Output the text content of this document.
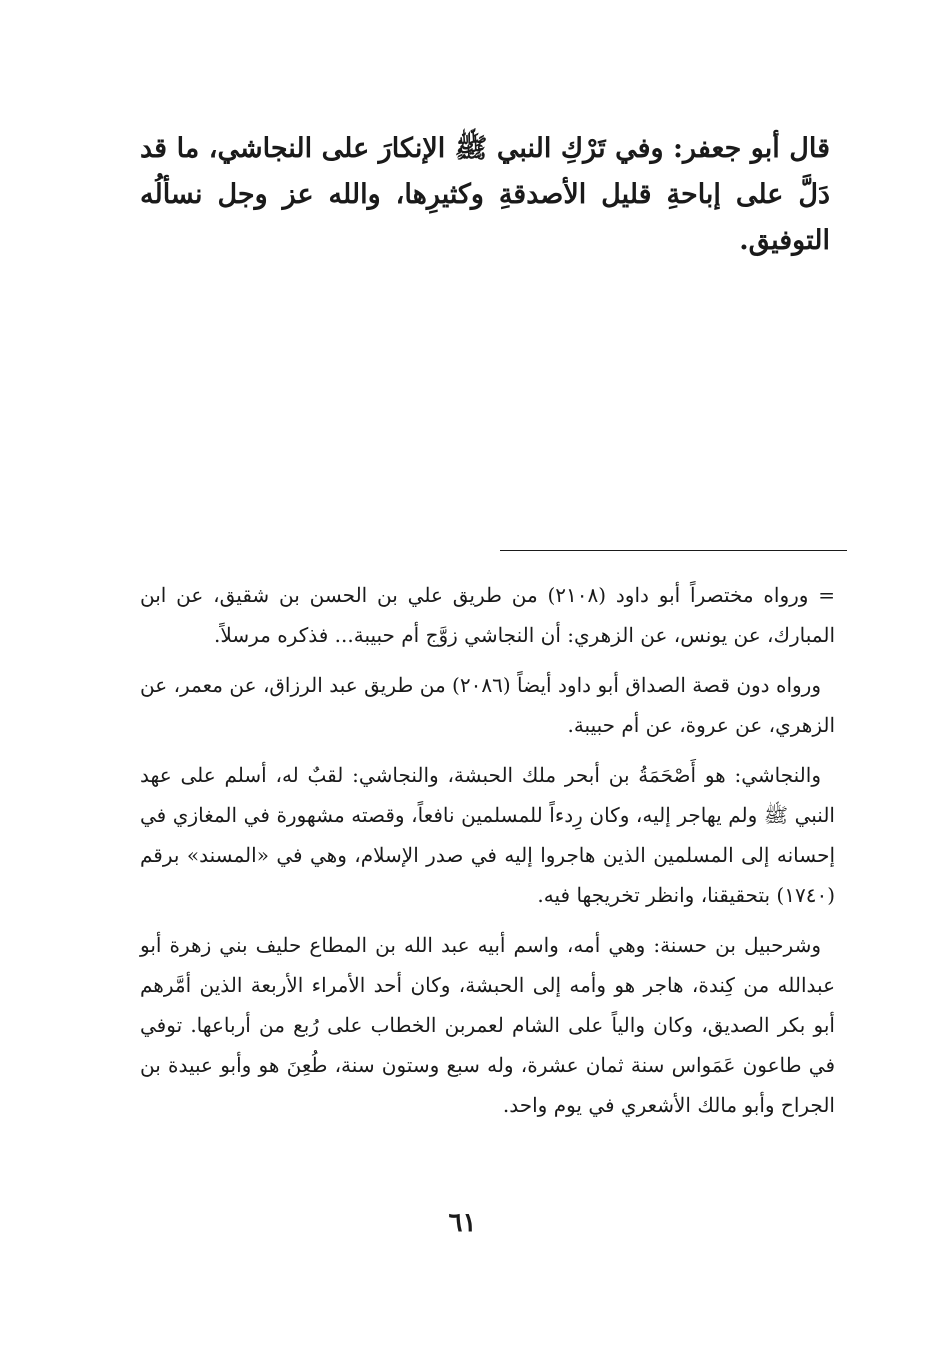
قال أبو جعفر: وفي تَرْكِ النبي ﷺ الإنكارَ على النجاشي، ما قد دَلَّ على إباحةِ قليل الأصدقةِ وكثيرِها، والله عز وجل نسألُه التوفيق.

= ورواه مختصراً أبو داود (٢١٠٨) من طريق علي بن الحسن بن شقيق، عن ابن المبارك، عن يونس، عن الزهري: أن النجاشي زوَّج أم حبيبة... فذكره مرسلاً.

ورواه دون قصة الصداق أبو داود أيضاً (٢٠٨٦) من طريق عبد الرزاق، عن معمر، عن الزهري، عن عروة، عن أم حبيبة.

والنجاشي: هو أَصْحَمَةُ بن أبحر ملك الحبشة، والنجاشي: لقبٌ له، أسلم على عهد النبي ﷺ ولم يهاجر إليه، وكان رِدءاً للمسلمين نافعاً، وقصته مشهورة في المغازي في إحسانه إلى المسلمين الذين هاجروا إليه في صدر الإسلام، وهي في «المسند» برقم (١٧٤٠) بتحقيقنا، وانظر تخريجها فيه.

وشرحبيل بن حسنة: وهي أمه، واسم أبيه عبد الله بن المطاع حليف بني زهرة أبو عبدالله من كِندة، هاجر هو وأمه إلى الحبشة، وكان أحد الأمراء الأربعة الذين أمَّرهم أبو بكر الصديق، وكان والياً على الشام لعمربن الخطاب على رُبع من أرباعها. توفي في طاعون عَمَواس سنة ثمان عشرة، وله سبع وستون سنة، طُعِنَ هو وأبو عبيدة بن الجراح وأبو مالك الأشعري في يوم واحد.

٦١
